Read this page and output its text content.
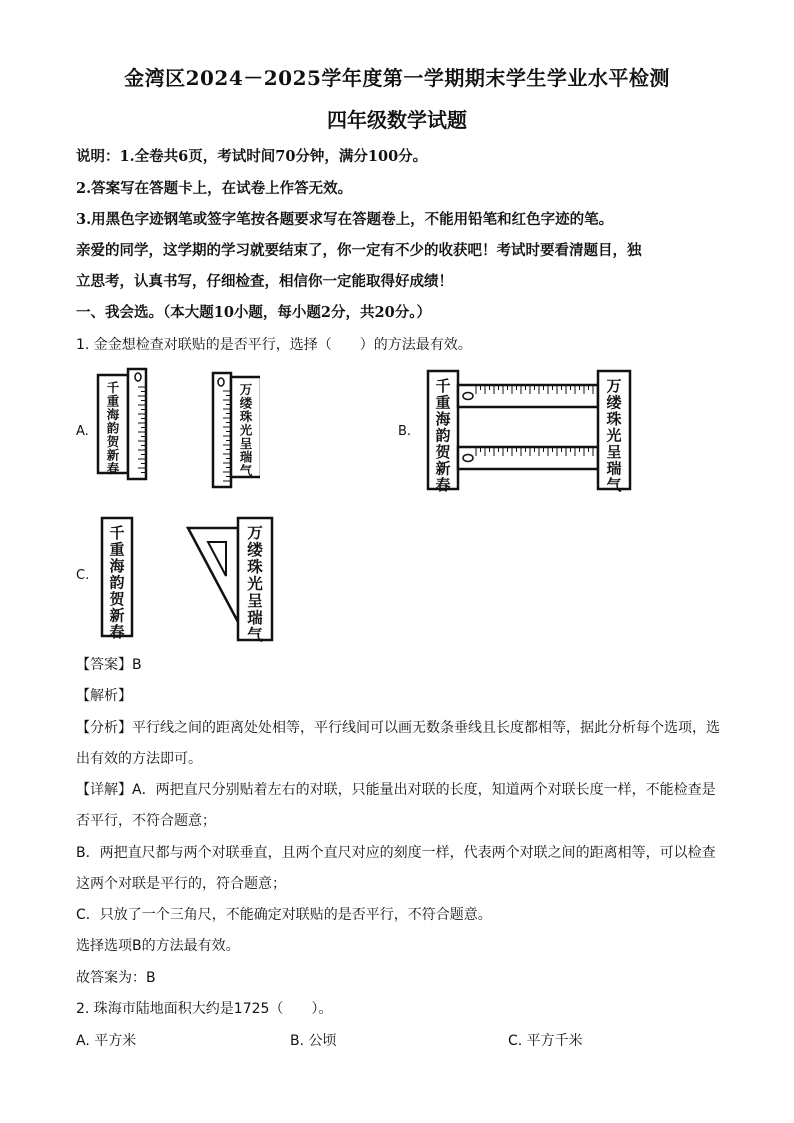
金湾区2024－2025学年度第一学期期末学生学业水平检测
四年级数学试题
说明：1.全卷共6页，考试时间70分钟，满分100分。
2.答案写在答题卡上，在试卷上作答无效。
3.用黑色字迹钢笔或签字笔按各题要求写在答题卷上，不能用铅笔和红色字迹的笔。
亲爱的同学，这学期的学习就要结束了，你一定有不少的收获吧！考试时要看清题目，独
立思考，认真书写，仔细检查，相信你一定能取得好成绩！
一、我会选。（本大题10小题，每小题2分，共20分。）
1. 金金想检查对联贴的是否平行，选择（　　）的方法最有效。
A.
千
重
海
韵
贺
新
春
万
缕
珠
光
呈
瑞
气
B.
千
重
海
韵
贺
新
春
万
缕
珠
光
呈
瑞
气
C.
千
重
海
韵
贺
新
春
万
缕
珠
光
呈
瑞
气
【答案】B
【解析】
【分析】平行线之间的距离处处相等，平行线间可以画无数条垂线且长度都相等，据此分析每个选项，选
出有效的方法即可。
【详解】A．两把直尺分别贴着左右的对联，只能量出对联的长度，知道两个对联长度一样，不能检查是
否平行，不符合题意；
B．两把直尺都与两个对联垂直，且两个直尺对应的刻度一样，代表两个对联之间的距离相等，可以检查
这两个对联是平行的，符合题意；
C．只放了一个三角尺，不能确定对联贴的是否平行，不符合题意。
选择选项B的方法最有效。
故答案为：B
2. 珠海市陆地面积大约是1725（　　）。
A. 平方米	B. 公顷	C. 平方千米
